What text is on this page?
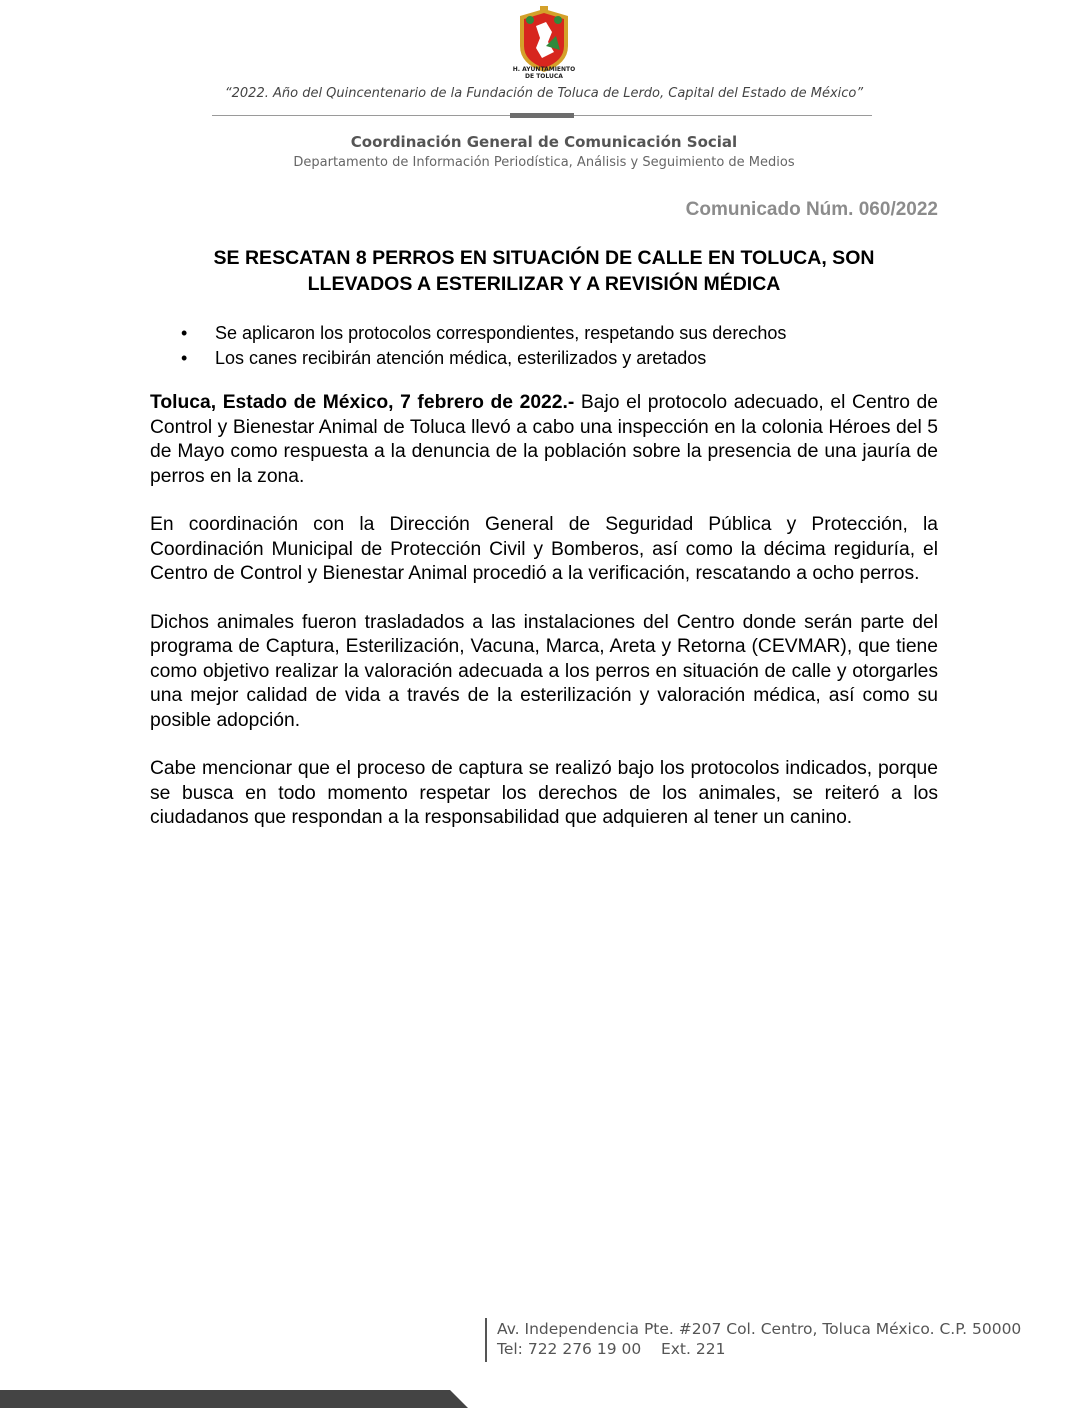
H. AYUNTAMIENTO
DE TOLUCA
“2022. Año del Quincentenario de la Fundación de Toluca de Lerdo, Capital del Estado de México”
Coordinación General de Comunicación Social
Departamento de Información Periodística, Análisis y Seguimiento de Medios
Comunicado Núm. 060/2022
SE RESCATAN 8 PERROS EN SITUACIÓN DE CALLE EN TOLUCA, SON
LLEVADOS A ESTERILIZAR Y A REVISIÓN MÉDICA
• Se aplicaron los protocolos correspondientes, respetando sus derechos
• Los canes recibirán atención médica, esterilizados y aretados

Toluca, Estado de México, 7 febrero de 2022.- Bajo el protocolo adecuado, el Centro de Control y Bienestar Animal de Toluca llevó a cabo una inspección en la colonia Héroes del 5 de Mayo como respuesta a la denuncia de la población sobre la presencia de una jauría de perros en la zona.

En coordinación con la Dirección General de Seguridad Pública y Protección, la Coordinación Municipal de Protección Civil y Bomberos, así como la décima regiduría, el Centro de Control y Bienestar Animal procedió a la verificación, rescatando a ocho perros.

Dichos animales fueron trasladados a las instalaciones del Centro donde serán parte del programa de Captura, Esterilización, Vacuna, Marca, Areta y Retorna (CEVMAR), que tiene como objetivo realizar la valoración adecuada a los perros en situación de calle y otorgarles una mejor calidad de vida a través de la esterilización y valoración médica, así como su posible adopción.

Cabe mencionar que el proceso de captura se realizó bajo los protocolos indicados, porque se busca en todo momento respetar los derechos de los animales, se reiteró a los ciudadanos que respondan a la responsabilidad que adquieren al tener un canino.

Av. Independencia Pte. #207 Col. Centro, Toluca México. C.P. 50000
Tel: 722 276 19 00 Ext. 221
